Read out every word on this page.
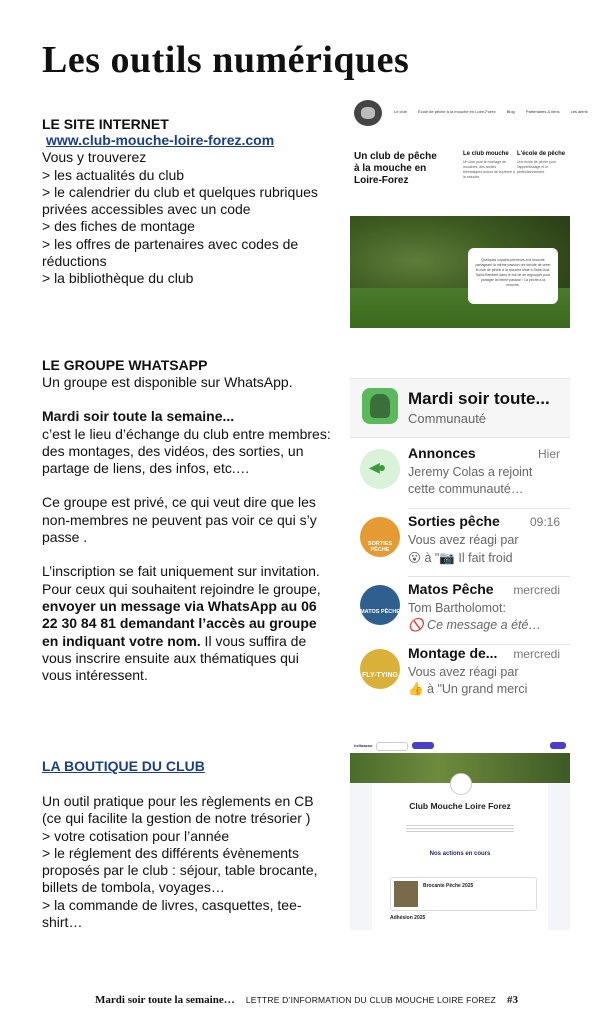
Les outils numériques
LE SITE INTERNET

www.club-mouche-loire-forez.com

Vous y trouverez

> les actualités du club

> le calendrier du club et quelques rubriques privées accessibles avec un code

> des fiches de montage

> les offres de partenaires avec codes de réductions

> la bibliothèque du club

Le club	École de pêche à la mouche en Loire-Forez	Blog	Partenaires & liens	Les aléris
Un club de pêche à la mouche en Loire-Forez
Le club mouche
Un club pour le montage de mouches, des sorties thématiques autour de la pêche à la mouche.
L'école de pêche
Une école de pêche pour l'apprentissage et le perfectionnement.
Quelques copains pêcheurs à la mouche partageant la même passion ont décidé de créer le club de pêche à la mouche situé à Saint-Just-Saint-Rambert dans le but de se regrouper pour partager la même passion : La pêche à la mouche.
LE GROUPE WHATSAPP

Un groupe est disponible sur WhatsApp.

Mardi soir toute la semaine...

c’est le lieu d’échange du club entre membres: des montages, des vidéos, des sorties, un partage de liens, des infos, etc.…

Ce groupe est privé, ce qui veut dire que les non-membres ne peuvent pas voir ce qui s’y passe .

L’inscription se fait uniquement sur invitation. Pour ceux qui souhaitent rejoindre le groupe, envoyer un message via WhatsApp au 06 22 30 84 81 demandant l’accès au groupe en indiquant votre nom. Il vous suffira de vous inscrire ensuite aux thématiques qui vous intéressent.

Mardi soir toute...
Communauté
◀●
Annonces	Hier
Jeremy Colas a rejoint
cette communauté…
SORTIES PÊCHE
Sorties pêche	09:16
Vous avez réagi par
😮 à "📷 Il fait froid
MATOS PÊCHE
Matos Pêche mercredi
Tom Bartholomot:
🚫 Ce message a été…
FLY-TYING
Montage de... mercredi
Vous avez réagi par
👍 à "Un grand merci
LA BOUTIQUE DU CLUB

Un outil pratique pour les règlements en CB (ce qui facilite la gestion de notre trésorier )

> votre cotisation pour l’année

> le réglement des différents évènements proposés par le club : séjour, table brocante, billets de tombola, voyages…

> la commande de livres, casquettes, tee-shirt…

helloasso
Club Mouche Loire Forez
Nos actions en cours
Brocante Pêche 2025
Adhésion 2025
Mardi soir toute la semaine… LETTRE D’INFORMATION DU CLUB MOUCHE LOIRE FOREZ #3
